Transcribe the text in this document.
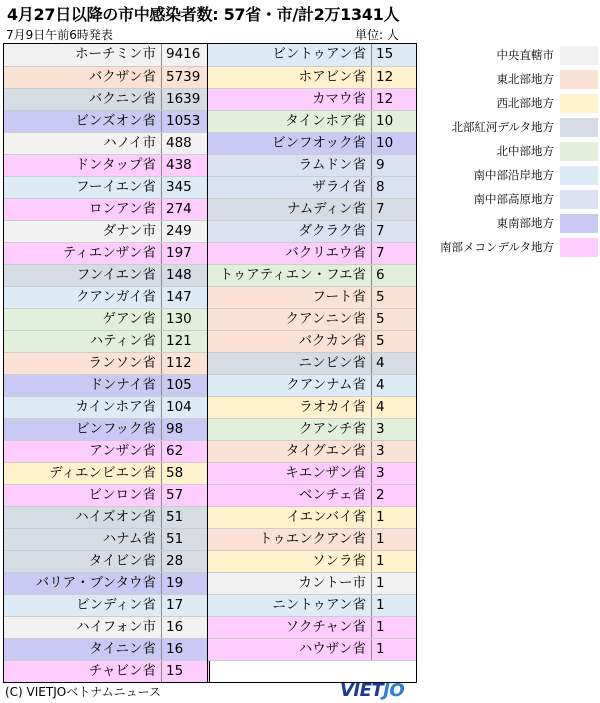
4月27日以降の市中感染者数: 57省・市/計2万1341人
7月9日午前6時発表	単位: 人
ホーチミン市 9416
バクザン省 5739
バクニン省 1639
ビンズオン省 1053
ハノイ市 488
ドンタップ省 438
フーイエン省 345
ロンアン省 274
ダナン市 249
ティエンザン省 197
フンイエン省 148
クアンガイ省 147
ゲアン省 130
ハティン省 121
ランソン省 112
ドンナイ省 105
カインホア省 104
ビンフック省 98
アンザン省 62
ディエンビエン省 58
ビンロン省 57
ハイズオン省 51
ハナム省 51
タイビン省 28
バリア・ブンタウ省 19
ビンディン省 17
ハイフォン市 16
タイニン省 16
チャビン省 15
ビントゥアン省 15
ホアビン省 12
カマウ省 12
タインホア省 10
ビンフオック省 10
ラムドン省 9
ザライ省 8
ナムディン省 7
ダクラク省 7
バクリエウ省 7
トゥアティエン・フエ省 6
フート省 5
クアンニン省 5
バクカン省 5
ニンビン省 4
クアンナム省 4
ラオカイ省 4
クアンチ省 3
タイグエン省 3
キエンザン省 3
ベンチェ省 2
イエンバイ省 1
トゥエンクアン省 1
ソンラ省 1
カントー市 1
ニントゥアン省 1
ソクチャン省 1
ハウザン省 1
中央直轄市
東北部地方
西北部地方
北部紅河デルタ地方
北中部地方
南中部沿岸地方
南中部高原地方
東南部地方
南部メコンデルタ地方
(C) VIETJOベトナムニュース	VIETJO
